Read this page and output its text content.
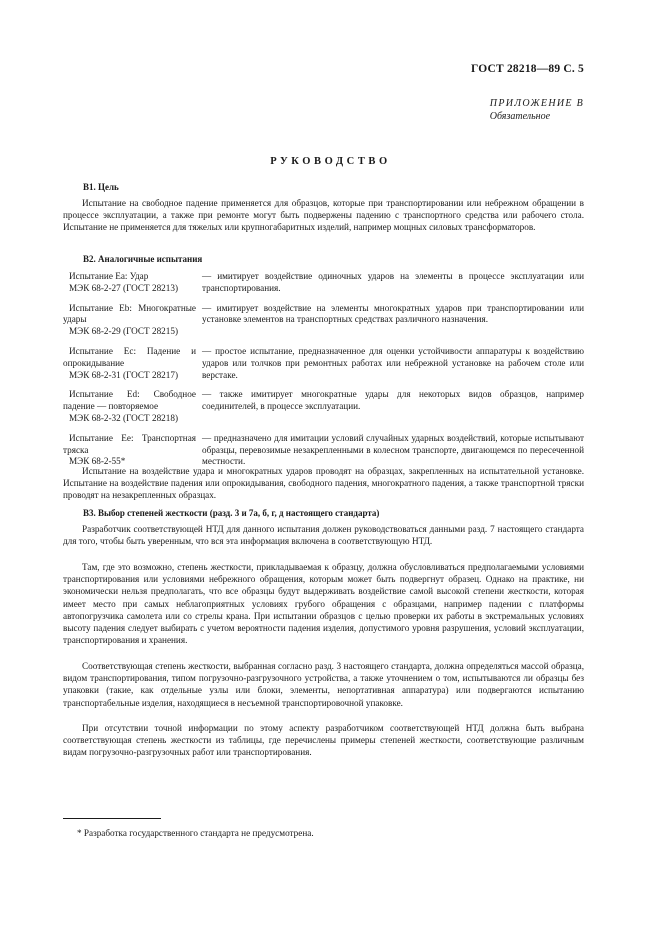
ГОСТ 28218—89 С. 5
ПРИЛОЖЕНИЕ В
Обязательное
РУКОВОДСТВО
В1. Цель
Испытание на свободное падение применяется для образцов, которые при транспортировании или небрежном обращении в процессе эксплуатации, а также при ремонте могут быть подвержены падению с транспортного средства или рабочего стола. Испытание не применяется для тяжелых или крупногабаритных изделий, например мощных силовых трансформаторов.
В2. Аналогичные испытания
Испытание Ea: Удар
МЭК 68-2-27 (ГОСТ 28213)
— имитирует воздействие одиночных ударов на элементы в процессе эксплуатации или транспортирования.
Испытание Eb: Многократные удары
МЭК 68-2-29 (ГОСТ 28215)
— имитирует воздействие на элементы многократных ударов при транспортировании или установке элементов на транспортных средствах различного назначения.
Испытание Ec: Падение и опрокидывание
МЭК 68-2-31 (ГОСТ 28217)
— простое испытание, предназначенное для оценки устойчивости аппаратуры к воздействию ударов или толчков при ремонтных работах или небрежной установке на рабочем столе или верстаке.
Испытание Ed: Свободное падение — повторяемое
МЭК 68-2-32 (ГОСТ 28218)
— также имитирует многократные удары для некоторых видов образцов, например соединителей, в процессе эксплуатации.
Испытание Ee: Транспортная тряска
МЭК 68-2-55*
— предназначено для имитации условий случайных ударных воздействий, которые испытывают образцы, перевозимые незакрепленными в колесном транспорте, двигающемся по пересеченной местности.
Испытание на воздействие удара и многократных ударов проводят на образцах, закрепленных на испытательной установке. Испытание на воздействие падения или опрокидывания, свободного падения, многократного падения, а также транспортной тряски проводят на незакрепленных образцах.
В3. Выбор степеней жесткости (разд. 3 и 7а, б, г, д настоящего стандарта)
Разработчик соответствующей НТД для данного испытания должен руководствоваться данными разд. 7 настоящего стандарта для того, чтобы быть уверенным, что вся эта информация включена в соответствующую НТД.
Там, где это возможно, степень жесткости, прикладываемая к образцу, должна обусловливаться предполагаемыми условиями транспортирования или условиями небрежного обращения, которым может быть подвергнут образец. Однако на практике, ни экономически нельзя предполагать, что все образцы будут выдерживать воздействие самой высокой степени жесткости, которая имеет место при самых неблагоприятных условиях грубого обращения с образцами, например падении с платформы автопогрузчика самолета или со стрелы крана. При испытании образцов с целью проверки их работы в экстремальных условиях высоту падения следует выбирать с учетом вероятности падения изделия, допустимого уровня разрушения, условий эксплуатации, транспортирования и хранения.
Соответствующая степень жесткости, выбранная согласно разд. 3 настоящего стандарта, должна определяться массой образца, видом транспортирования, типом погрузочно-разгрузочного устройства, а также уточнением о том, испытываются ли образцы без упаковки (такие, как отдельные узлы или блоки, элементы, непортативная аппаратура) или подвергаются испытанию транспортабельные изделия, находящиеся в несъемной транспортировочной упаковке.
При отсутствии точной информации по этому аспекту разработчиком соответствующей НТД должна быть выбрана соответствующая степень жесткости из таблицы, где перечислены примеры степеней жесткости, соответствующие различным видам погрузочно-разгрузочных работ или транспортирования.
* Разработка государственного стандарта не предусмотрена.
